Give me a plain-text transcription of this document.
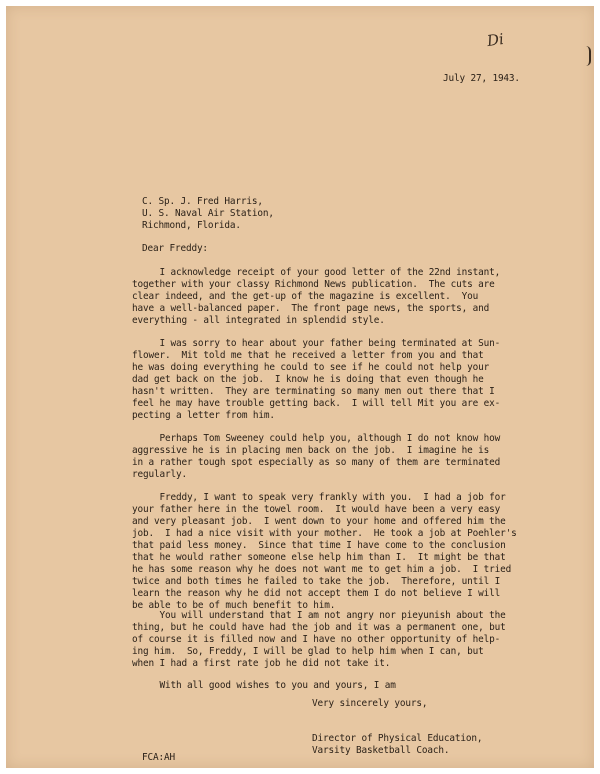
Di

July 27, 1943.

C. Sp. J. Fred Harris,

U. S. Naval Air Station,

Richmond, Florida.

Dear Freddy:

I acknowledge receipt of your good letter of the 22nd instant,

together with your classy Richmond News publication.  The cuts are

clear indeed, and the get-up of the magazine is excellent.  You

have a well-balanced paper.  The front page news, the sports, and

everything - all integrated in splendid style.

I was sorry to hear about your father being terminated at Sun-

flower.  Mit told me that he received a letter from you and that

he was doing everything he could to see if he could not help your

dad get back on the job.  I know he is doing that even though he

hasn't written.  They are terminating so many men out there that I

feel he may have trouble getting back.  I will tell Mit you are ex-

pecting a letter from him.

Perhaps Tom Sweeney could help you, although I do not know how

aggressive he is in placing men back on the job.  I imagine he is

in a rather tough spot especially as so many of them are terminated

regularly.

Freddy, I want to speak very frankly with you.  I had a job for

your father here in the towel room.  It would have been a very easy

and very pleasant job.  I went down to your home and offered him the

job.  I had a nice visit with your mother.  He took a job at Poehler's

that paid less money.  Since that time I have come to the conclusion

that he would rather someone else help him than I.  It might be that

he has some reason why he does not want me to get him a job.  I tried

twice and both times he failed to take the job.  Therefore, until I

learn the reason why he did not accept them I do not believe I will

be able to be of much benefit to him.

You will understand that I am not angry nor pieyunish about the

thing, but he could have had the job and it was a permanent one, but

of course it is filled now and I have no other opportunity of help-

ing him.  So, Freddy, I will be glad to help him when I can, but

when I had a first rate job he did not take it.

With all good wishes to you and yours, I am

Very sincerely yours,

Director of Physical Education,

Varsity Basketball Coach.

FCA:AH
